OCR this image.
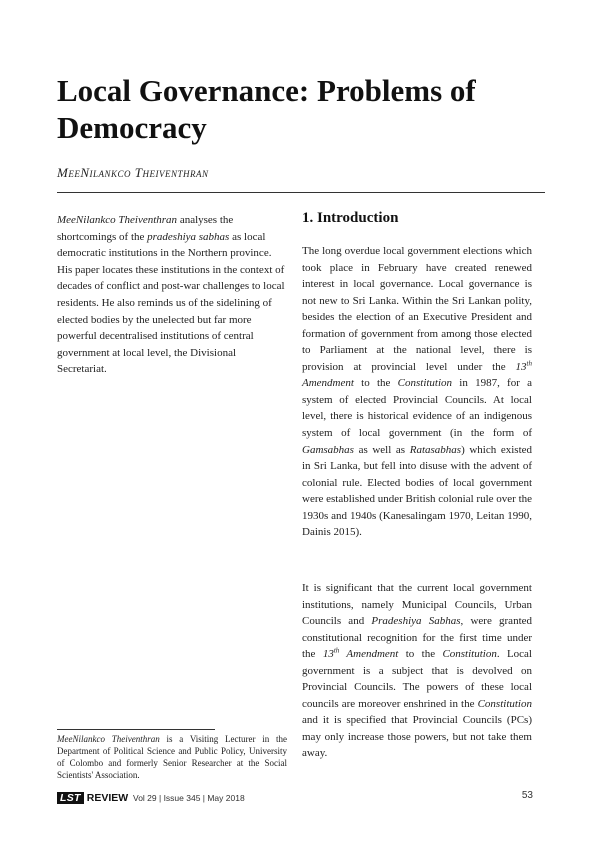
Local Governance: Problems of Democracy

MeeNilankco Theiventhran

MeeNilankco Theiventhran analyses the shortcomings of the pradeshiya sabhas as local democratic institutions in the Northern province. His paper locates these institutions in the context of decades of conflict and post-war challenges to local residents. He also reminds us of the sidelining of elected bodies by the unelected but far more powerful decentralised institutions of central government at local level, the Divisional Secretariat.

MeeNilankco Theiventhran is a Visiting Lecturer in the Department of Political Science and Public Policy, University of Colombo and formerly Senior Researcher at the Social Scientists' Association.

1. Introduction

The long overdue local government elections which took place in February have created renewed interest in local governance. Local governance is not new to Sri Lanka. Within the Sri Lankan polity, besides the election of an Executive President and formation of government from among those elected to Parliament at the national level, there is provision at provincial level under the 13th Amendment to the Constitution in 1987, for a system of elected Provincial Councils. At local level, there is historical evidence of an indigenous system of local government (in the form of Gamsabhas as well as Ratasabhas) which existed in Sri Lanka, but fell into disuse with the advent of colonial rule. Elected bodies of local government were established under British colonial rule over the 1930s and 1940s (Kanesalingam 1970, Leitan 1990, Dainis 2015).

It is significant that the current local government institutions, namely Municipal Councils, Urban Councils and Pradeshiya Sabhas, were granted constitutional recognition for the first time under the 13th Amendment to the Constitution. Local government is a subject that is devolved on Provincial Councils. The powers of these local councils are moreover enshrined in the Constitution and it is specified that Provincial Councils (PCs) may only increase those powers, but not take them away.

LST REVIEW Vol 29 | Issue 345 | May 2018	53
